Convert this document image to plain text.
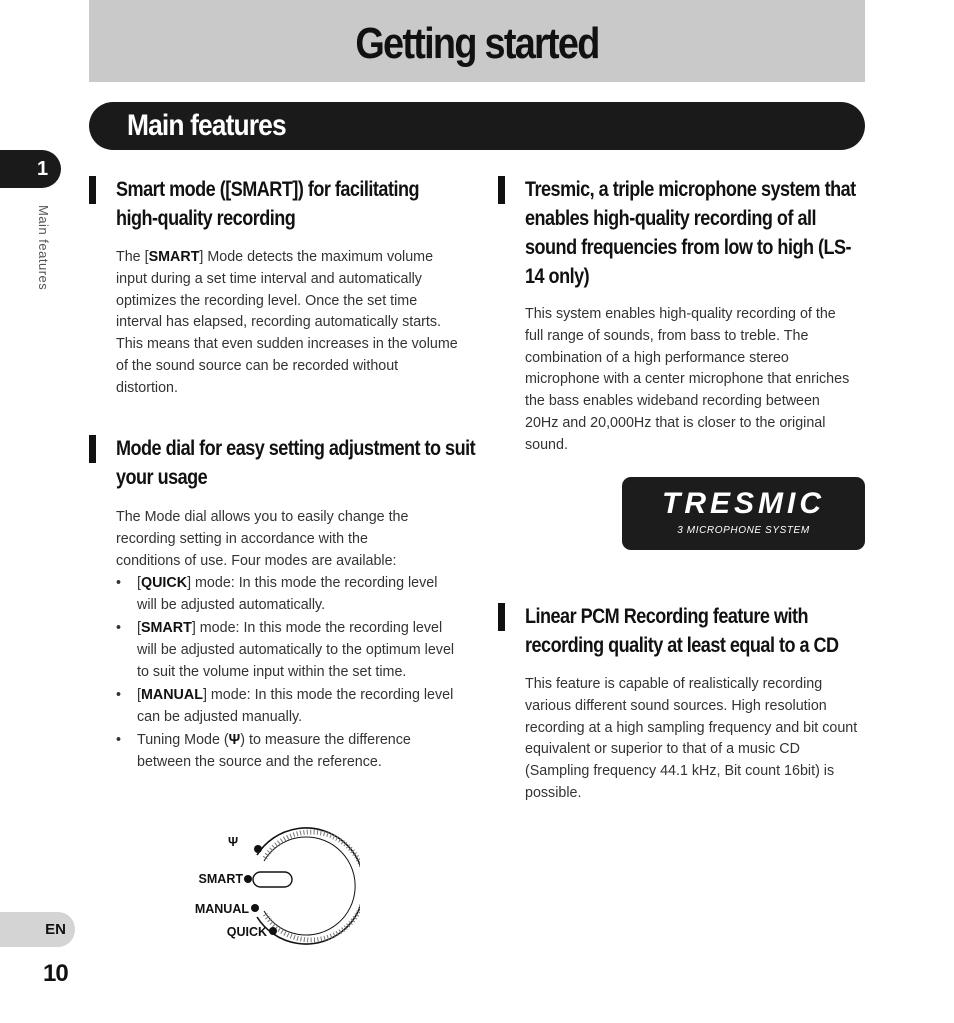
Getting started
Main features
1
Main features
EN
10
Smart mode ([SMART]) for facilitating high-quality recording

The [SMART] Mode detects the maximum volume input during a set time interval and automatically optimizes the recording level. Once the set time interval has elapsed, recording automatically starts. This means that even sudden increases in the volume of the sound source can be recorded without distortion.

Mode dial for easy setting adjustment to suit your usage

The Mode dial allows you to easily change the recording setting in accordance with the conditions of use. Four modes are available:

• [QUICK] mode: In this mode the recording level will be adjusted automatically.
• [SMART] mode: In this mode the recording level will be adjusted automatically to the optimum level to suit the volume input within the set time.
• [MANUAL] mode: In this mode the recording level can be adjusted manually.
• Tuning Mode (Ψ) to measure the difference between the source and the reference.
Ψ
SMART
MANUAL
QUICK
Tresmic, a triple microphone system that enables high-quality recording of all sound frequencies from low to high (LS-14 only)

This system enables high-quality recording of the full range of sounds, from bass to treble. The combination of a high performance stereo microphone with a center microphone that enriches the bass enables wideband recording between 20Hz and 20,000Hz that is closer to the original sound.

TRESMIC
3 MICROPHONE SYSTEM
Linear PCM Recording feature with recording quality at least equal to a CD

This feature is capable of realistically recording various different sound sources. High resolution recording at a high sampling frequency and bit count equivalent or superior to that of a music CD (Sampling frequency 44.1 kHz, Bit count 16bit) is possible.
